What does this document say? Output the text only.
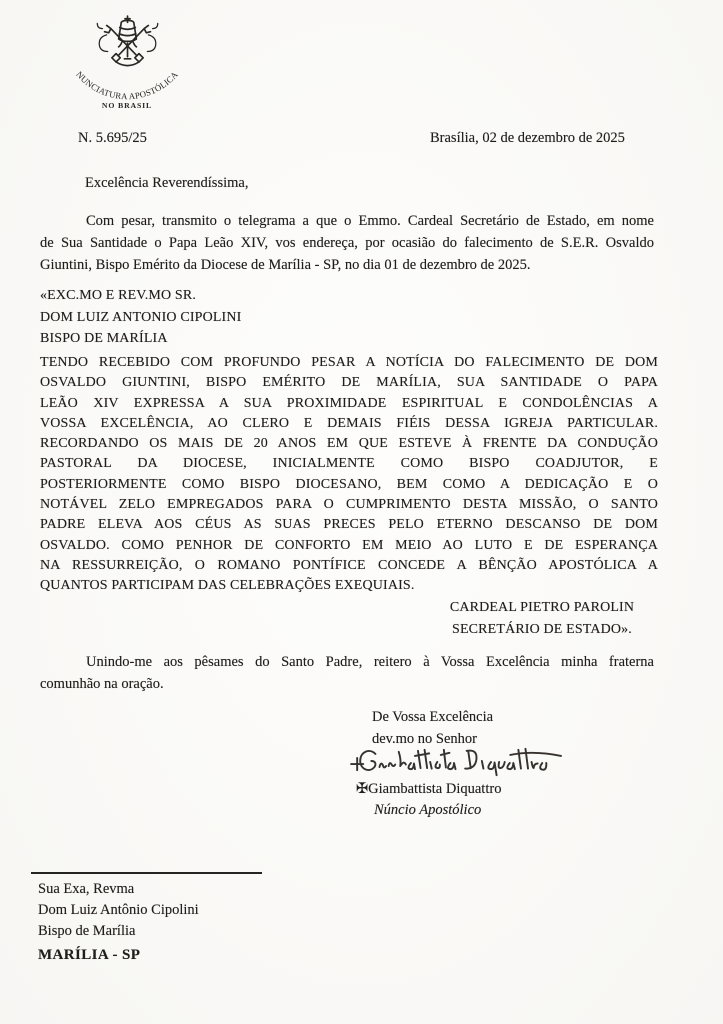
NUNCIATURA APOSTÓLICA
NO BRASIL
N. 5.695/25	Brasília, 02 de dezembro de 2025
Excelência Reverendíssima,
Com pesar, transmito o telegrama a que o Emmo. Cardeal Secretário de Estado, em nome
de Sua Santidade o Papa Leão XIV, vos endereça, por ocasião do falecimento de S.E.R. Osvaldo
Giuntini, Bispo Emérito da Diocese de Marília - SP, no dia 01 de dezembro de 2025.
«EXC.MO E REV.MO SR.
DOM LUIZ ANTONIO CIPOLINI
BISPO DE MARÍLIA
TENDO RECEBIDO COM PROFUNDO PESAR A NOTÍCIA DO FALECIMENTO DE DOM
OSVALDO GIUNTINI, BISPO EMÉRITO DE MARÍLIA, SUA SANTIDADE O PAPA
LEÃO XIV EXPRESSA A SUA PROXIMIDADE ESPIRITUAL E CONDOLÊNCIAS A
VOSSA EXCELÊNCIA, AO CLERO E DEMAIS FIÉIS DESSA IGREJA PARTICULAR.
RECORDANDO OS MAIS DE 20 ANOS EM QUE ESTEVE À FRENTE DA CONDUÇÃO
PASTORAL DA DIOCESE, INICIALMENTE COMO BISPO COADJUTOR, E
POSTERIORMENTE COMO BISPO DIOCESANO, BEM COMO A DEDICAÇÃO E O
NOTÁVEL ZELO EMPREGADOS PARA O CUMPRIMENTO DESTA MISSÃO, O SANTO
PADRE ELEVA AOS CÉUS AS SUAS PRECES PELO ETERNO DESCANSO DE DOM
OSVALDO. COMO PENHOR DE CONFORTO EM MEIO AO LUTO E DE ESPERANÇA
NA RESSURREIÇÃO, O ROMANO PONTÍFICE CONCEDE A BÊNÇÃO APOSTÓLICA A
QUANTOS PARTICIPAM DAS CELEBRAÇÕES EXEQUIAIS.
CARDEAL PIETRO PAROLIN
SECRETÁRIO DE ESTADO».
Unindo-me aos pêsames do Santo Padre, reitero à Vossa Excelência minha fraterna
comunhão na oração.
De Vossa Excelência
dev.mo no Senhor
✠Giambattista Diquattro
Núncio Apostólico
Sua Exa, Revma
Dom Luiz Antônio Cipolini
Bispo de Marília
MARÍLIA - SP
